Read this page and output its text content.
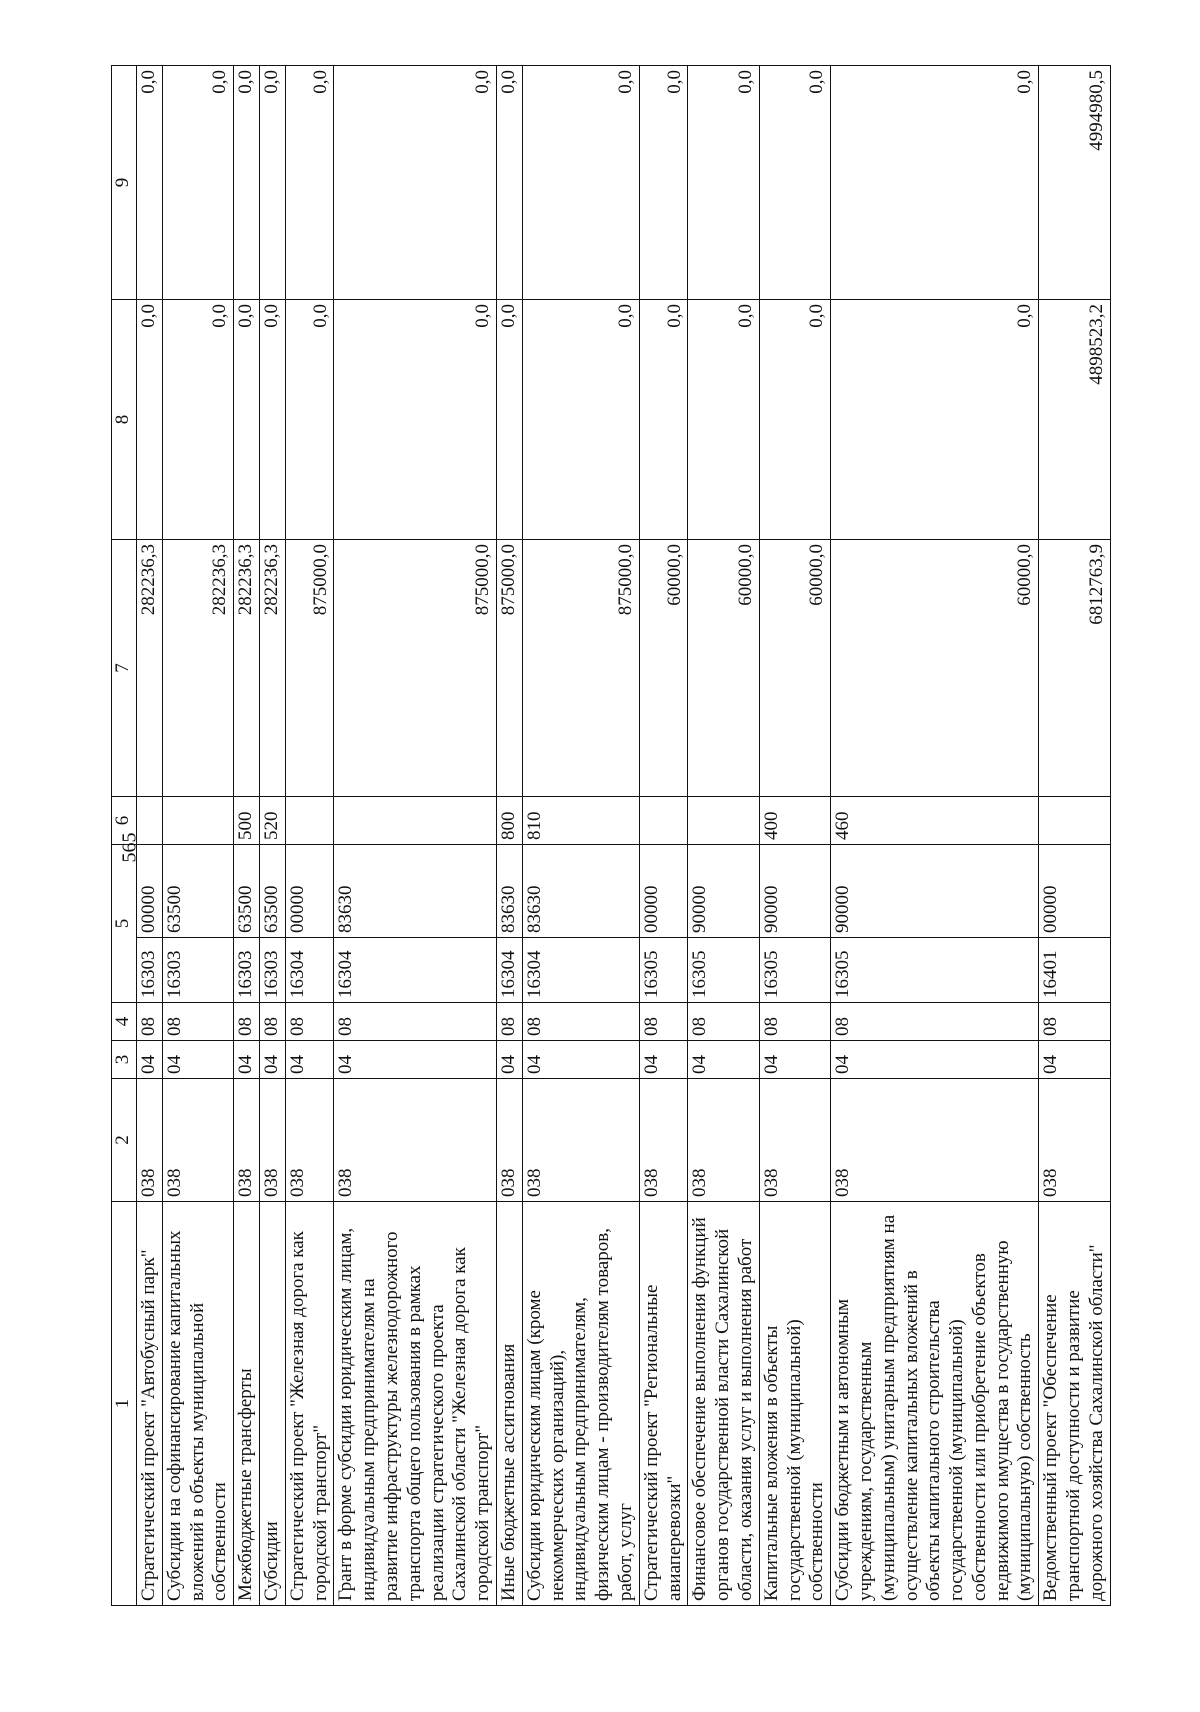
565
1	2	3	4	5		6	7	8	9
Стратегический проект "Автобусный парк"	038	04	08	16303	00000		282236,3	0,0	0,0
Субсидии на софинансирование капитальных вложений в объекты муниципальной собственности	038	04	08	16303	63500		282236,3	0,0	0,0
Межбюджетные трансферты	038	04	08	16303	63500	500	282236,3	0,0	0,0
Субсидии	038	04	08	16303	63500	520	282236,3	0,0	0,0
Стратегический проект "Железная дорога как городской транспорт"	038	04	08	16304	00000		875000,0	0,0	0,0
Грант в форме субсидии юридическим лицам, индивидуальным предпринимателям на развитие инфраструктуры железнодорожного транспорта общего пользования в рамках реализации стратегического проекта Сахалинской области "Железная дорога как городской транспорт"	038	04	08	16304	83630		875000,0	0,0	0,0
Иные бюджетные ассигнования	038	04	08	16304	83630	800	875000,0	0,0	0,0
Субсидии юридическим лицам (кроме некоммерческих организаций), индивидуальным предпринимателям, физическим лицам - производителям товаров, работ, услуг	038	04	08	16304	83630	810	875000,0	0,0	0,0
Стратегический проект "Региональные авиаперевозки"	038	04	08	16305	00000		60000,0	0,0	0,0
Финансовое обеспечение выполнения функций органов государственной власти Сахалинской области, оказания услуг и выполнения работ	038	04	08	16305	90000		60000,0	0,0	0,0
Капитальные вложения в объекты государственной (муниципальной) собственности	038	04	08	16305	90000	400	60000,0	0,0	0,0
Субсидии бюджетным и автономным учреждениям, государственным (муниципальным) унитарным предприятиям на осуществление капитальных вложений в объекты капитального строительства государственной (муниципальной) собственности или приобретение объектов недвижимого имущества в государственную (муниципальную) собственность	038	04	08	16305	90000	460	60000,0	0,0	0,0
Ведомственный проект "Обеспечение транспортной доступности и развитие дорожного хозяйства Сахалинской области"	038	04	08	16401	00000		6812763,9	4898523,2	4994980,5
